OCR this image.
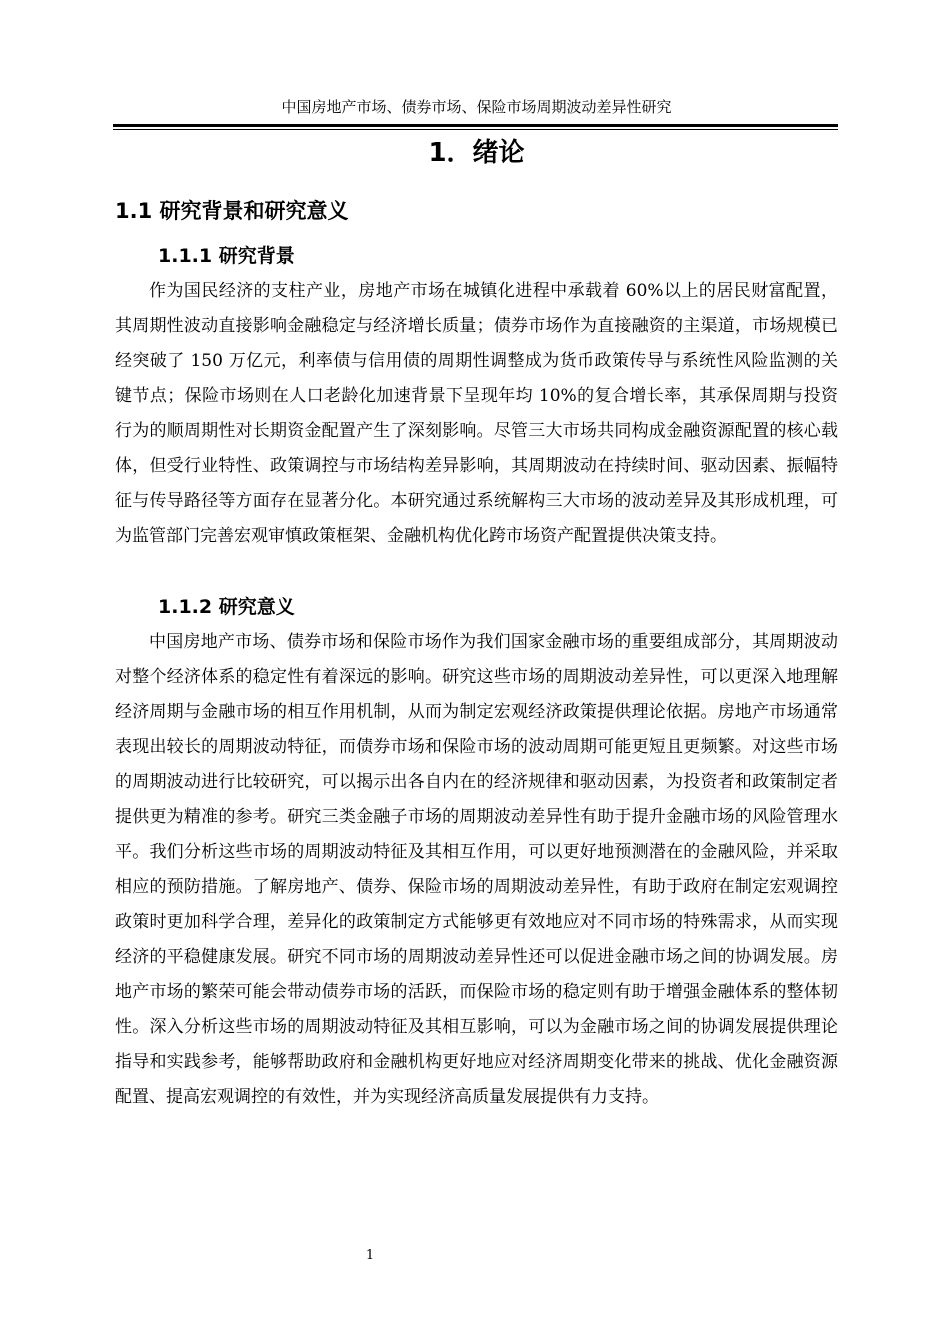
中国房地产市场、债券市场、保险市场周期波动差异性研究
1．绪论
1.1 研究背景和研究意义
1.1.1 研究背景

作为国民经济的支柱产业，房地产市场在城镇化进程中承载着 60%以上的居民财富配置，其周期性波动直接影响金融稳定与经济增长质量；债券市场作为直接融资的主渠道，市场规模已经突破了 150 万亿元，利率债与信用债的周期性调整成为货币政策传导与系统性风险监测的关键节点；保险市场则在人口老龄化加速背景下呈现年均 10%的复合增长率，其承保周期与投资行为的顺周期性对长期资金配置产生了深刻影响。尽管三大市场共同构成金融资源配置的核心载体，但受行业特性、政策调控与市场结构差异影响，其周期波动在持续时间、驱动因素、振幅特征与传导路径等方面存在显著分化。本研究通过系统解构三大市场的波动差异及其形成机理，可为监管部门完善宏观审慎政策框架、金融机构优化跨市场资产配置提供决策支持。

1.1.2 研究意义

中国房地产市场、债券市场和保险市场作为我们国家金融市场的重要组成部分，其周期波动对整个经济体系的稳定性有着深远的影响。研究这些市场的周期波动差异性，可以更深入地理解经济周期与金融市场的相互作用机制，从而为制定宏观经济政策提供理论依据。房地产市场通常表现出较长的周期波动特征，而债券市场和保险市场的波动周期可能更短且更频繁。对这些市场的周期波动进行比较研究，可以揭示出各自内在的经济规律和驱动因素，为投资者和政策制定者提供更为精准的参考。研究三类金融子市场的周期波动差异性有助于提升金融市场的风险管理水平。我们分析这些市场的周期波动特征及其相互作用，可以更好地预测潜在的金融风险，并采取相应的预防措施。了解房地产、债券、保险市场的周期波动差异性，有助于政府在制定宏观调控政策时更加科学合理，差异化的政策制定方式能够更有效地应对不同市场的特殊需求，从而实现经济的平稳健康发展。研究不同市场的周期波动差异性还可以促进金融市场之间的协调发展。房地产市场的繁荣可能会带动债券市场的活跃，而保险市场的稳定则有助于增强金融体系的整体韧性。深入分析这些市场的周期波动特征及其相互影响，可以为金融市场之间的协调发展提供理论指导和实践参考，能够帮助政府和金融机构更好地应对经济周期变化带来的挑战、优化金融资源配置、提高宏观调控的有效性，并为实现经济高质量发展提供有力支持。

1
